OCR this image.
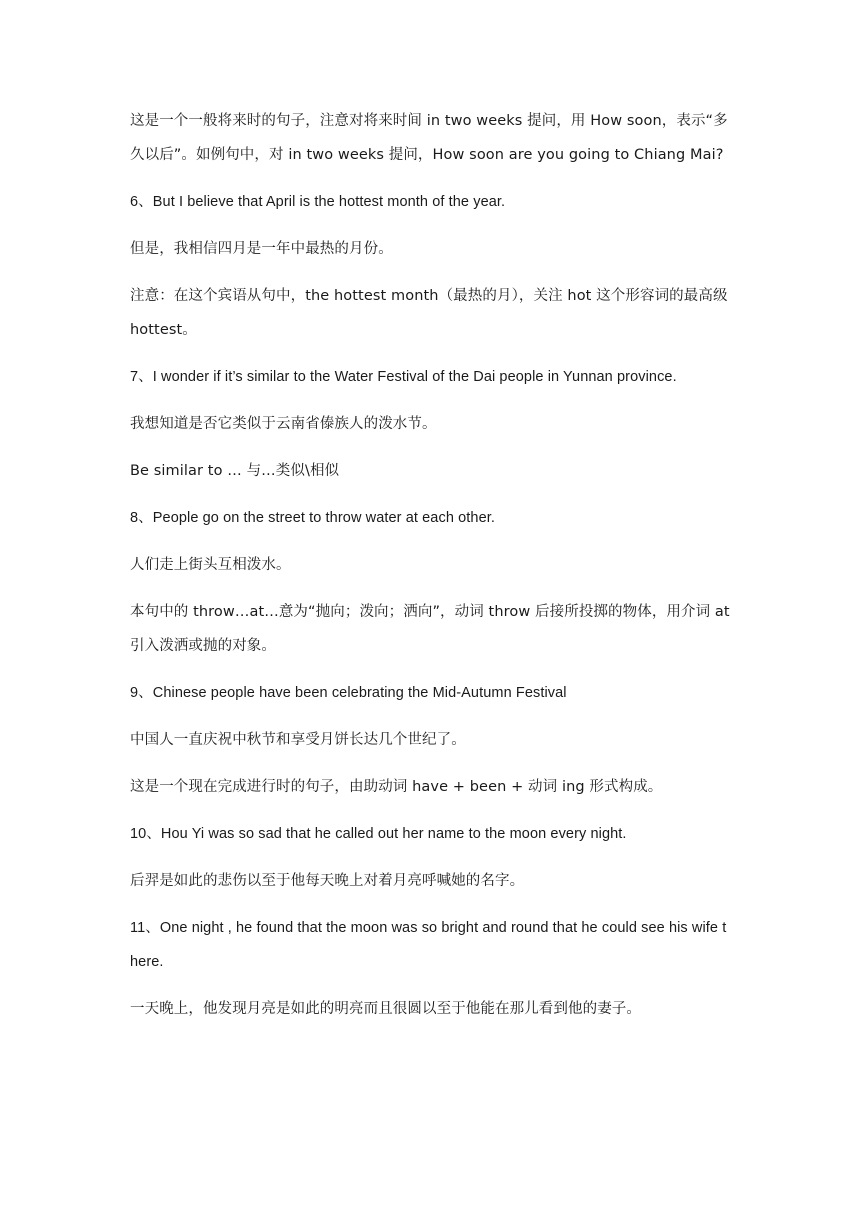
这是一个一般将来时的句子，注意对将来时间 in two weeks 提问，用 How soon，表示“多久以后”。如例句中，对 in two weeks 提问，How soon are you going to Chiang Mai?

6、But I believe that April is the hottest month of the year.

但是，我相信四月是一年中最热的月份。

注意：在这个宾语从句中，the hottest month（最热的月），关注 hot 这个形容词的最高级 hottest。

7、I wonder if it’s similar to the Water Festival of the Dai people in Yunnan province.

我想知道是否它类似于云南省傣族人的泼水节。

Be similar to … 与…类似\相似

8、People go on the street to throw water at each other.

人们走上街头互相泼水。

本句中的 throw…at…意为“抛向；泼向；洒向”，动词 throw 后接所投掷的物体，用介词 at 引入泼洒或抛的对象。

9、Chinese people have been celebrating the Mid-Autumn Festival

中国人一直庆祝中秋节和享受月饼长达几个世纪了。

这是一个现在完成进行时的句子，由助动词 have + been + 动词 ing 形式构成。

10、Hou Yi was so sad that he called out her name to the moon every night.

后羿是如此的悲伤以至于他每天晚上对着月亮呼喊她的名字。

11、One night , he found that the moon was so bright and round that he could see his wife there.

一天晚上，他发现月亮是如此的明亮而且很圆以至于他能在那儿看到他的妻子。
